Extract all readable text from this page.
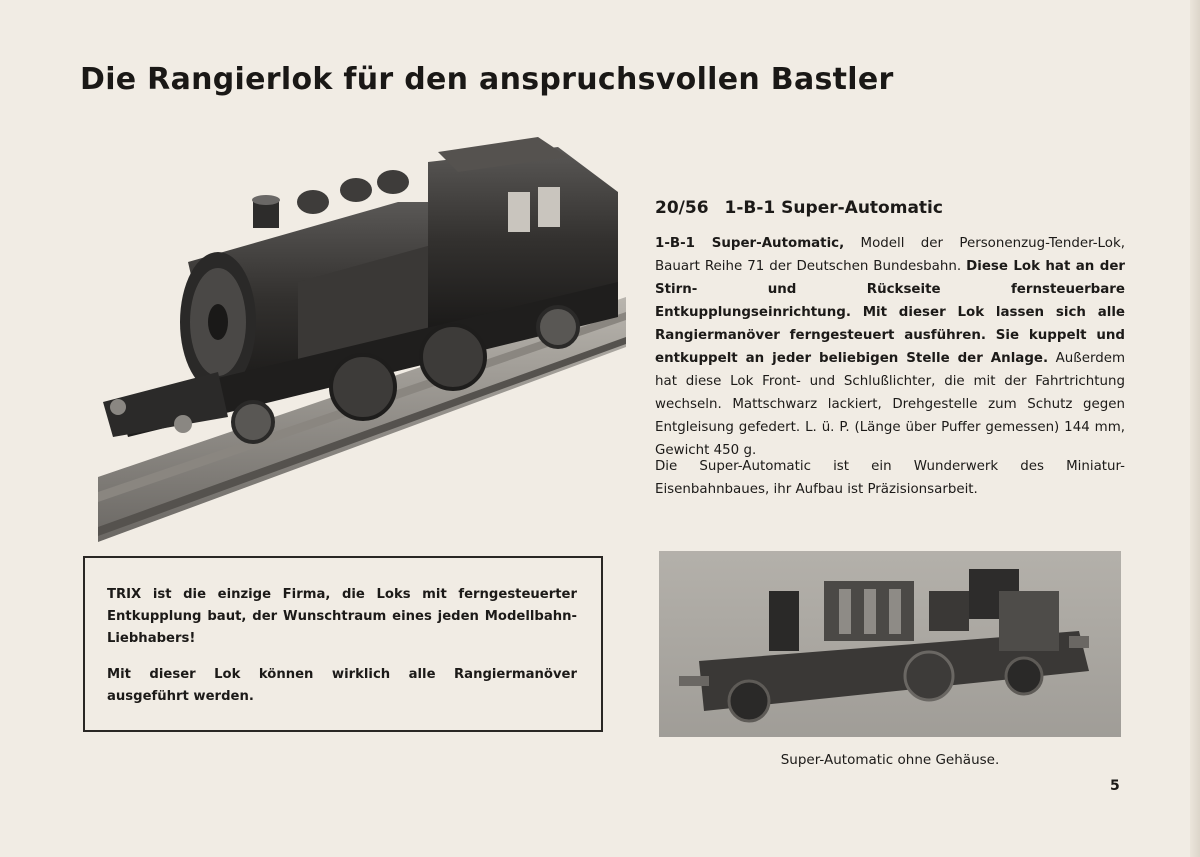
Die Rangierlok für den anspruchsvollen Bastler
20/56 1-B-1 Super-Automatic

1-B-1 Super-Automatic, Modell der Personenzug-Tender-Lok, Bauart Reihe 71 der Deutschen Bundesbahn. Diese Lok hat an der Stirn- und Rückseite fernsteuerbare Entkupplungseinrichtung. Mit dieser Lok lassen sich alle Rangiermanöver ferngesteuert ausführen. Sie kuppelt und entkuppelt an jeder beliebigen Stelle der Anlage. Außerdem hat diese Lok Front- und Schlußlichter, die mit der Fahrtrichtung wechseln. Mattschwarz lackiert, Drehgestelle zum Schutz gegen Entgleisung gefedert. L. ü. P. (Länge über Puffer gemessen) 144 mm, Gewicht 450 g.

Die Super-Automatic ist ein Wunderwerk des Miniatur-Eisenbahnbaues, ihr Aufbau ist Präzisionsarbeit.

TRIX ist die einzige Firma, die Loks mit ferngesteuerter Entkupplung baut, der Wunschtraum eines jeden Modellbahn-Liebhabers!

Mit dieser Lok können wirklich alle Rangiermanöver ausgeführt werden.

Super-Automatic ohne Gehäuse.

5
